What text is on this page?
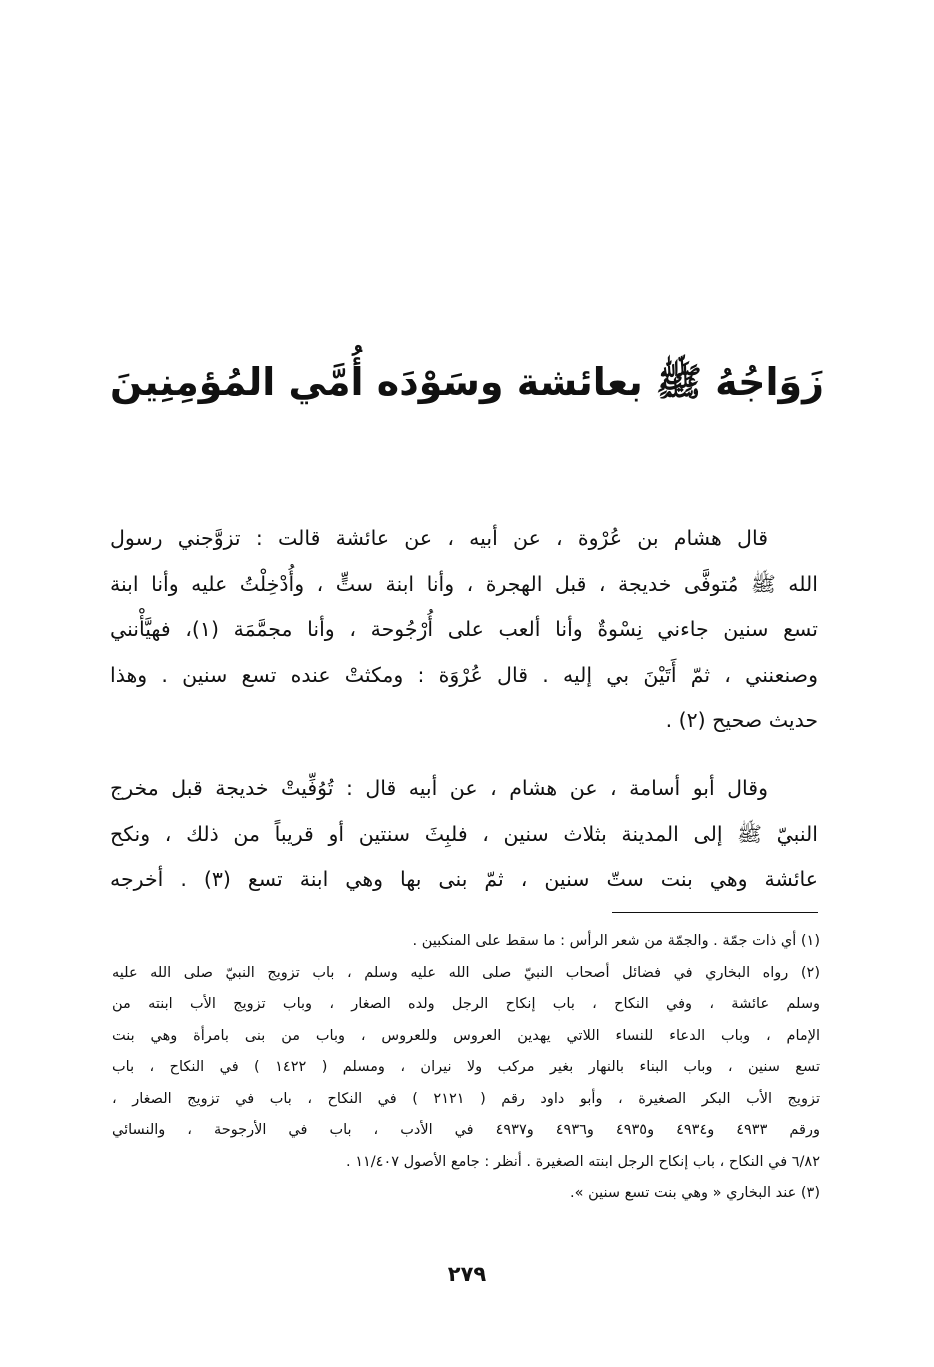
زَوَاجُهُ ﷺ بعائشة وسَوْدَه أُمَّي المُؤمِنِينَ
قال هشام بن عُرْوة ، عن أبيه ، عن عائشة قالت : تزوَّجني رسول
الله ﷺ مُتوفَّى خديجة ، قبل الهجرة ، وأنا ابنة ستٍّ ، وأُدْخِلْتُ عليه وأنا ابنة
تسع سنين جاءني نِسْوةٌ وأنا ألعب على أُرْجُوحة ، وأنا مجمَّمَة (١)، فهيَّأْنني
وصنعنني ، ثمّ أَتَيْنَ بي إليه . قال عُرْوَة : ومكثتْ عنده تسع سنين . وهذا
حديث صحيح (٢) .
وقال أبو أسامة ، عن هشام ، عن أبيه قال : تُوُفِّيتْ خديجة قبل مخرج
النبيّ ﷺ إلى المدينة بثلاث سنين ، فلبِثَ سنتين أو قريباً من ذلك ، ونكح
عائشة وهي بنت ستّ سنين ، ثمّ بنى بها وهي ابنة تسع (٣) . أخرجه
(١) أي ذات جمّة . والجمّة من شعر الرأس : ما سقط على المنكبين .
(٢) رواه البخاري في فضائل أصحاب النبيّ صلى الله عليه وسلم ، باب تزويج النبيّ صلى الله عليه
وسلم عائشة ، وفي النكاح ، باب إنكاح الرجل ولده الصغار ، وباب تزويج الأب ابنته من
الإمام ، وباب الدعاء للنساء اللاتي يهدين العروس وللعروس ، وباب من بنى بامرأة وهي بنت
تسع سنين ، وباب البناء بالنهار بغير مركب ولا نيران ، ومسلم ( ١٤٢٢ ) في النكاح ، باب
تزويج الأب البكر الصغيرة ، وأبو داود رقم ( ٢١٢١ ) في النكاح ، باب في تزويج الصغار ،
ورقم ٤٩٣٣ و٤٩٣٤ و٤٩٣٥ و٤٩٣٦ و٤٩٣٧ في الأدب ، باب في الأرجوحة ، والنسائي
٦/٨٢ في النكاح ، باب إنكاح الرجل ابنته الصغيرة . أنظر : جامع الأصول ١١/٤٠٧ .
(٣) عند البخاري « وهي بنت تسع سنين ».
٢٧٩
